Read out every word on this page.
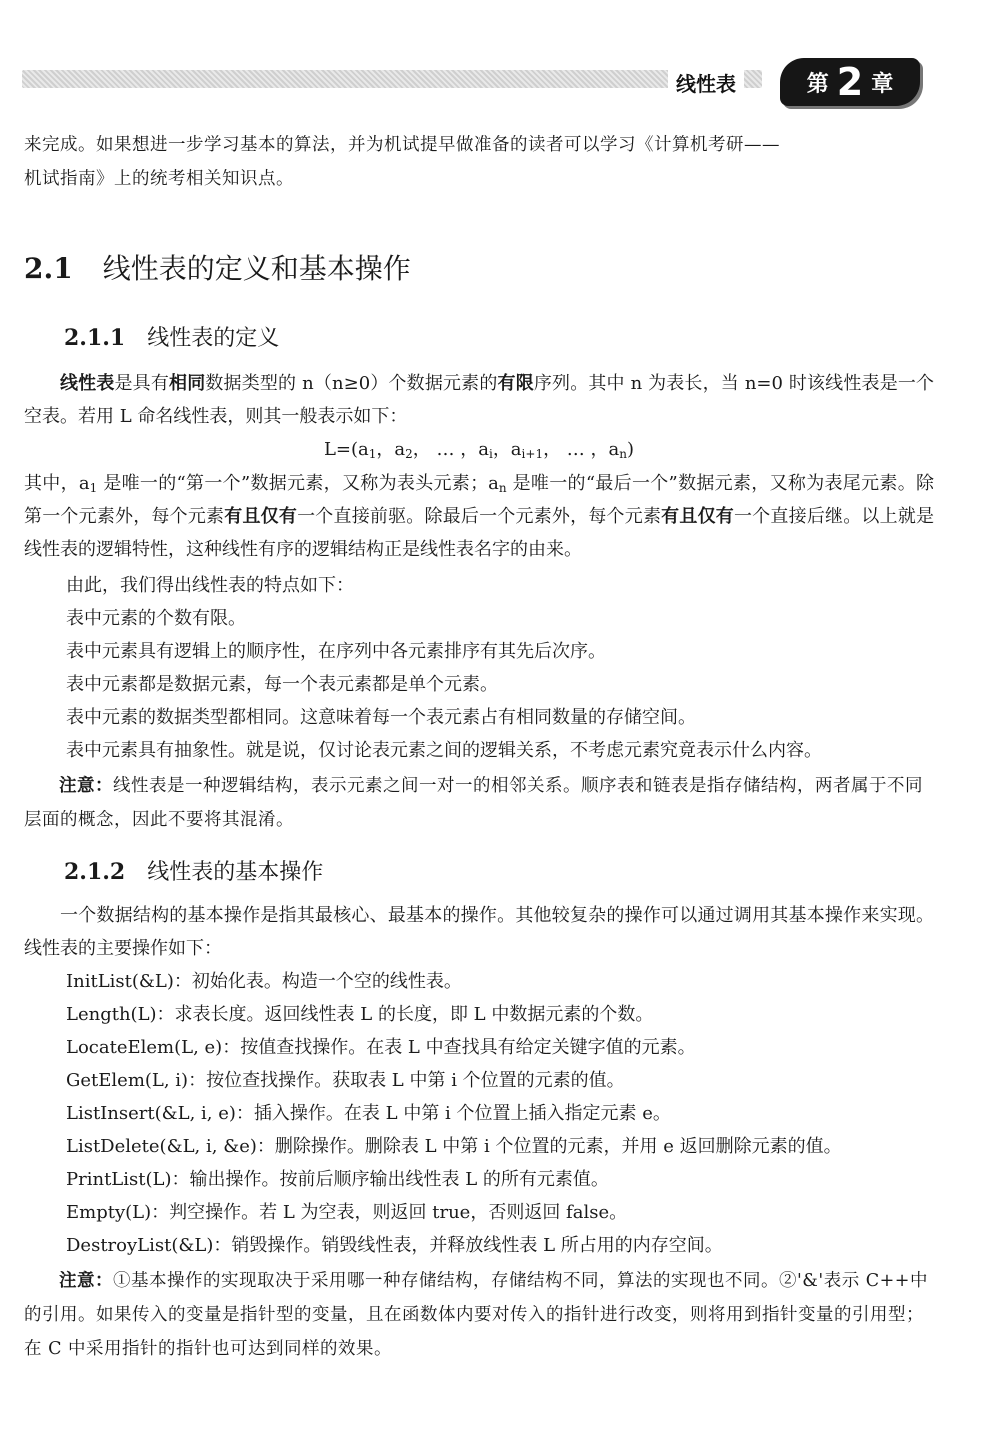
线性表	第 2 章

来完成。如果想进一步学习基本的算法，并为机试提早做准备的读者可以学习《计算机考研——

机试指南》上的统考相关知识点。

2.1 线性表的定义和基本操作
2.1.1 线性表的定义

线性表是具有相同数据类型的 n（n≥0）个数据元素的有限序列。其中 n 为表长，当 n=0 时该线性表是一个空表。若用 L 命名线性表，则其一般表示如下：

$L=(a_1$，$a_2$， … ，$a_i$，$a_{i+1}$， … ，$a_n$)

其中，$a_1$ 是唯一的“第一个”数据元素，又称为表头元素；$a_n$ 是唯一的“最后一个”数据元素，又称为表尾元素。除第一个元素外，每个元素有且仅有一个直接前驱。除最后一个元素外，每个元素有且仅有一个直接后继。以上就是线性表的逻辑特性，这种线性有序的逻辑结构正是线性表名字的由来。

由此，我们得出线性表的特点如下：

表中元素的个数有限。

表中元素具有逻辑上的顺序性，在序列中各元素排序有其先后次序。

表中元素都是数据元素，每一个表元素都是单个元素。

表中元素的数据类型都相同。这意味着每一个表元素占有相同数量的存储空间。

表中元素具有抽象性。就是说，仅讨论表元素之间的逻辑关系，不考虑元素究竟表示什么内容。

注意：线性表是一种逻辑结构，表示元素之间一对一的相邻关系。顺序表和链表是指存储结构，两者属于不同层面的概念，因此不要将其混淆。

2.1.2 线性表的基本操作

一个数据结构的基本操作是指其最核心、最基本的操作。其他较复杂的操作可以通过调用其基本操作来实现。线性表的主要操作如下：

InitList(&L)：初始化表。构造一个空的线性表。

Length(L)：求表长度。返回线性表 L 的长度，即 L 中数据元素的个数。

LocateElem(L, e)：按值查找操作。在表 L 中查找具有给定关键字值的元素。

GetElem(L, i)：按位查找操作。获取表 L 中第 i 个位置的元素的值。

ListInsert(&L, i, e)：插入操作。在表 L 中第 i 个位置上插入指定元素 e。

ListDelete(&L, i, &e)：删除操作。删除表 L 中第 i 个位置的元素，并用 e 返回删除元素的值。

PrintList(L)：输出操作。按前后顺序输出线性表 L 的所有元素值。

Empty(L)：判空操作。若 L 为空表，则返回 true，否则返回 false。

DestroyList(&L)：销毁操作。销毁线性表，并释放线性表 L 所占用的内存空间。

注意：①基本操作的实现取决于采用哪一种存储结构，存储结构不同，算法的实现也不同。②'&'表示 C++中的引用。如果传入的变量是指针型的变量，且在函数体内要对传入的指针进行改变，则将用到指针变量的引用型；在 C 中采用指针的指针也可达到同样的效果。
